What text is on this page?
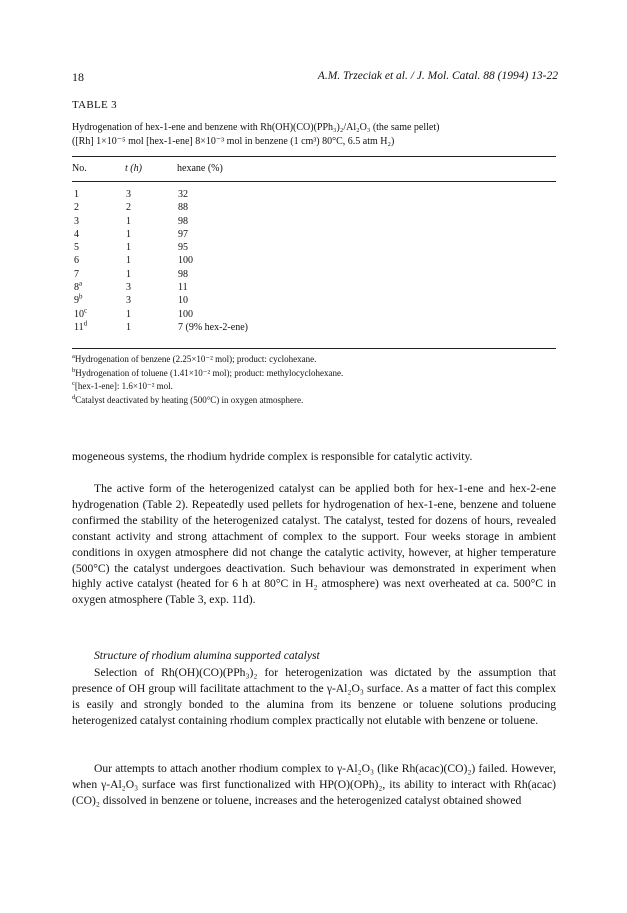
18	A.M. Trzeciak et al. / J. Mol. Catal. 88 (1994) 13-22
TABLE 3
Hydrogenation of hex-1-ene and benzene with Rh(OH)(CO)(PPh₃)₂/Al₂O₃ (the same pellet)
([Rh] 1×10⁻⁵ mol [hex-1-ene] 8×10⁻³ mol in benzene (1 cm³) 80°C, 6.5 atm H₂)
No.	t (h)	hexane (%)
1	3	32
2	2	88
3	1	98
4	1	97
5	1	95
6	1	100
7	1	98
8$^a$	3	11
9$^b$	3	10
10$^c$	1	100
11$^d$	1	7 (9% hex-2-ene)
$^a$Hydrogenation of benzene (2.25×10⁻² mol); product: cyclohexane.
$^b$Hydrogenation of toluene (1.41×10⁻² mol); product: methylocyclohexane.
$^c$[hex-1-ene]: 1.6×10⁻² mol.
$^d$Catalyst deactivated by heating (500°C) in oxygen atmosphere.
mogeneous systems, the rhodium hydride complex is responsible for catalytic activity.
The active form of the heterogenized catalyst can be applied both for hex-1-ene and hex-2-ene hydrogenation (Table 2). Repeatedly used pellets for hydrogenation of hex-1-ene, benzene and toluene confirmed the stability of the heterogenized catalyst. The catalyst, tested for dozens of hours, revealed constant activity and strong attachment of complex to the support. Four weeks storage in ambient conditions in oxygen atmosphere did not change the catalytic activity, however, at higher temperature (500°C) the catalyst undergoes deactivation. Such behaviour was demonstrated in experiment when highly active catalyst (heated for 6 h at 80°C in H₂ atmosphere) was next overheated at ca. 500°C in oxygen atmosphere (Table 3, exp. 11d).
Structure of rhodium alumina supported catalyst
Selection of Rh(OH)(CO)(PPh₃)₂ for heterogenization was dictated by the assumption that presence of OH group will facilitate attachment to the γ-Al₂O₃ surface. As a matter of fact this complex is easily and strongly bonded to the alumina from its benzene or toluene solutions producing heterogenized catalyst containing rhodium complex practically not elutable with benzene or toluene.
Our attempts to attach another rhodium complex to γ-Al₂O₃ (like Rh(acac)(CO)₂) failed. However, when γ-Al₂O₃ surface was first functionalized with HP(O)(OPh)₂, its ability to interact with Rh(acac)(CO)₂ dissolved in benzene or toluene, increases and the heterogenized catalyst obtained showed
